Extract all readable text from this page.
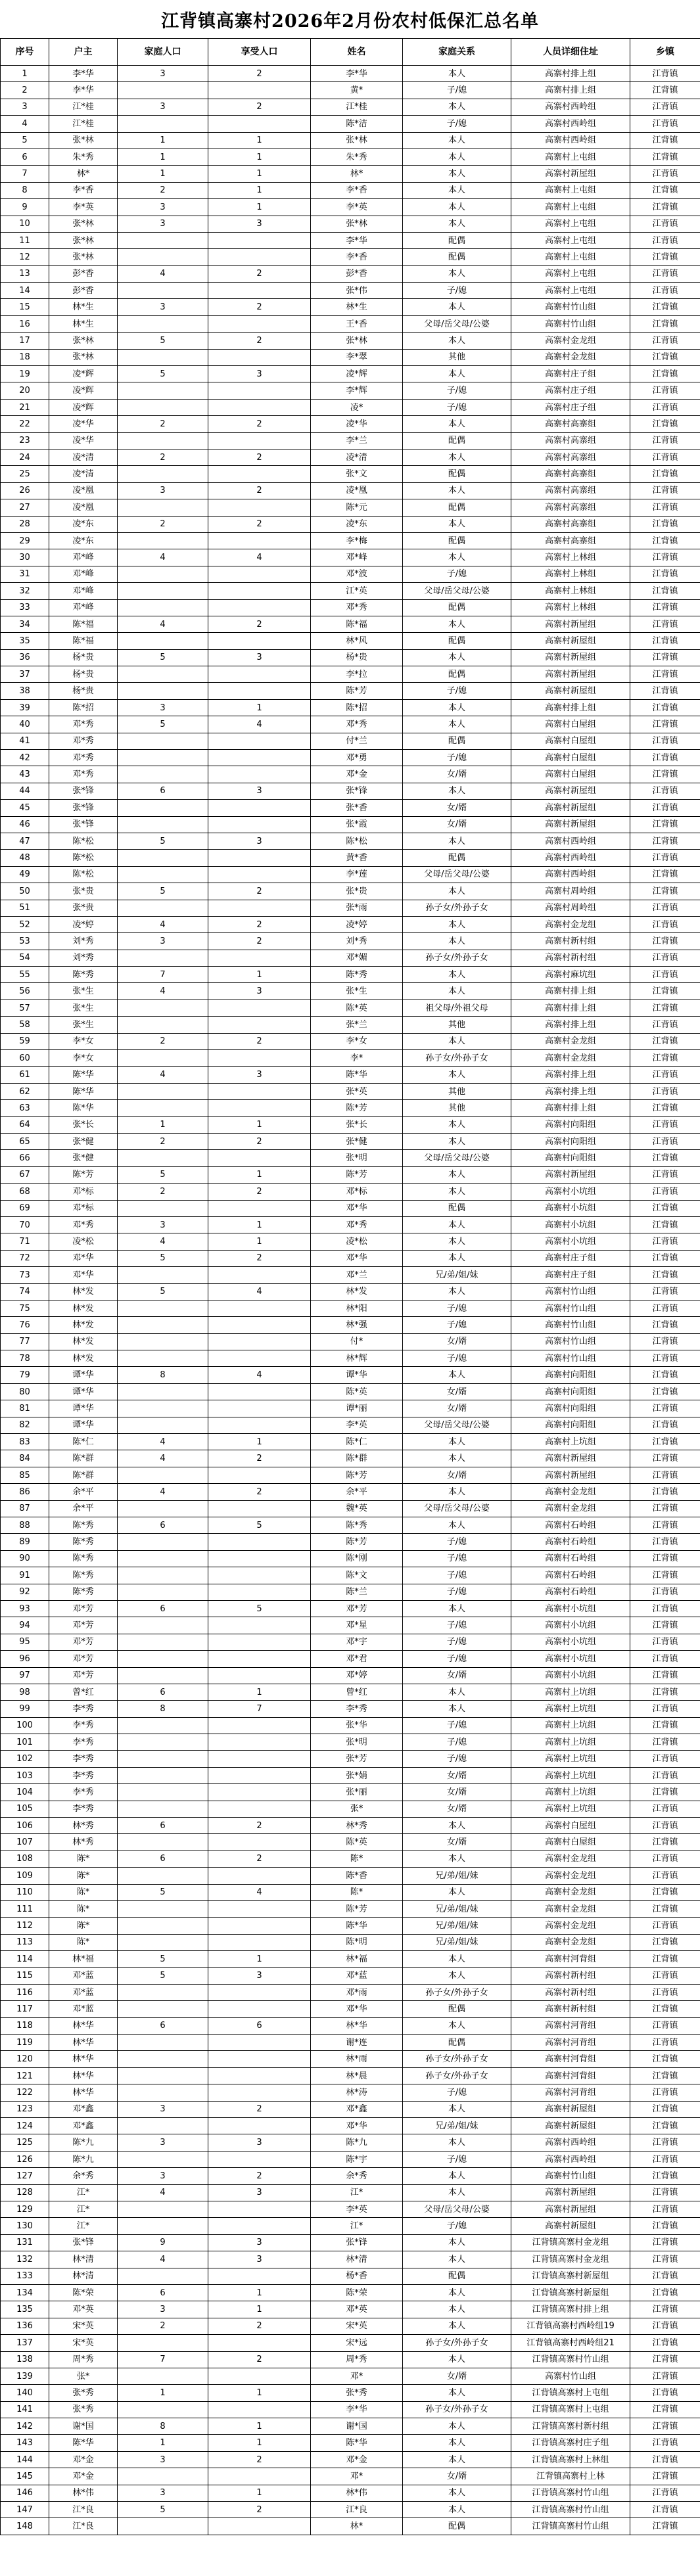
江背镇高寨村2026年2月份农村低保汇总名单
序号	户主	家庭人口	享受人口	姓名	家庭关系	人员详细住址	乡镇
1	李*华	3	2	李*华	本人	高寨村排上组	江背镇
2	李*华			黄*	子/媳	高寨村排上组	江背镇
3	江*桂	3	2	江*桂	本人	高寨村西岭组	江背镇
4	江*桂			陈*洁	子/媳	高寨村西岭组	江背镇
5	张*林	1	1	张*林	本人	高寨村西岭组	江背镇
6	朱*秀	1	1	朱*秀	本人	高寨村上屯组	江背镇
7	林*	1	1	林*	本人	高寨村新屋组	江背镇
8	李*香	2	1	李*香	本人	高寨村上屯组	江背镇
9	李*英	3	1	李*英	本人	高寨村上屯组	江背镇
10	张*林	3	3	张*林	本人	高寨村上屯组	江背镇
11	张*林			李*华	配偶	高寨村上屯组	江背镇
12	张*林			李*香	配偶	高寨村上屯组	江背镇
13	彭*香	4	2	彭*香	本人	高寨村上屯组	江背镇
14	彭*香			张*伟	子/媳	高寨村上屯组	江背镇
15	林*生	3	2	林*生	本人	高寨村竹山组	江背镇
16	林*生			王*香	父母/岳父母/公婆	高寨村竹山组	江背镇
17	张*林	5	2	张*林	本人	高寨村金龙组	江背镇
18	张*林			李*翠	其他	高寨村金龙组	江背镇
19	凌*辉	5	3	凌*辉	本人	高寨村庄子组	江背镇
20	凌*辉			李*辉	子/媳	高寨村庄子组	江背镇
21	凌*辉			凌*	子/媳	高寨村庄子组	江背镇
22	凌*华	2	2	凌*华	本人	高寨村高寨组	江背镇
23	凌*华			李*兰	配偶	高寨村高寨组	江背镇
24	凌*清	2	2	凌*清	本人	高寨村高寨组	江背镇
25	凌*清			张*文	配偶	高寨村高寨组	江背镇
26	凌*凰	3	2	凌*凰	本人	高寨村高寨组	江背镇
27	凌*凰			陈*元	配偶	高寨村高寨组	江背镇
28	凌*东	2	2	凌*东	本人	高寨村高寨组	江背镇
29	凌*东			李*梅	配偶	高寨村高寨组	江背镇
30	邓*峰	4	4	邓*峰	本人	高寨村上林组	江背镇
31	邓*峰			邓*波	子/媳	高寨村上林组	江背镇
32	邓*峰			江*英	父母/岳父母/公婆	高寨村上林组	江背镇
33	邓*峰			邓*秀	配偶	高寨村上林组	江背镇
34	陈*福	4	2	陈*福	本人	高寨村新屋组	江背镇
35	陈*福			林*风	配偶	高寨村新屋组	江背镇
36	杨*贵	5	3	杨*贵	本人	高寨村新屋组	江背镇
37	杨*贵			李*拉	配偶	高寨村新屋组	江背镇
38	杨*贵			陈*芳	子/媳	高寨村新屋组	江背镇
39	陈*招	3	1	陈*招	本人	高寨村排上组	江背镇
40	邓*秀	5	4	邓*秀	本人	高寨村白屋组	江背镇
41	邓*秀			付*兰	配偶	高寨村白屋组	江背镇
42	邓*秀			邓*勇	子/媳	高寨村白屋组	江背镇
43	邓*秀			邓*金	女/婿	高寨村白屋组	江背镇
44	张*锋	6	3	张*锋	本人	高寨村新屋组	江背镇
45	张*锋			张*香	女/婿	高寨村新屋组	江背镇
46	张*锋			张*霞	女/婿	高寨村新屋组	江背镇
47	陈*松	5	3	陈*松	本人	高寨村西岭组	江背镇
48	陈*松			黄*香	配偶	高寨村西岭组	江背镇
49	陈*松			李*莲	父母/岳父母/公婆	高寨村西岭组	江背镇
50	张*贵	5	2	张*贵	本人	高寨村周岭组	江背镇
51	张*贵			张*雨	孙子女/外孙子女	高寨村周岭组	江背镇
52	凌*婷	4	2	凌*婷	本人	高寨村金龙组	江背镇
53	刘*秀	3	2	刘*秀	本人	高寨村新村组	江背镇
54	刘*秀			邓*媚	孙子女/外孙子女	高寨村新村组	江背镇
55	陈*秀	7	1	陈*秀	本人	高寨村麻坑组	江背镇
56	张*生	4	3	张*生	本人	高寨村排上组	江背镇
57	张*生			陈*英	祖父母/外祖父母	高寨村排上组	江背镇
58	张*生			张*兰	其他	高寨村排上组	江背镇
59	李*女	2	2	李*女	本人	高寨村金龙组	江背镇
60	李*女			李*	孙子女/外孙子女	高寨村金龙组	江背镇
61	陈*华	4	3	陈*华	本人	高寨村排上组	江背镇
62	陈*华			张*英	其他	高寨村排上组	江背镇
63	陈*华			陈*芳	其他	高寨村排上组	江背镇
64	张*长	1	1	张*长	本人	高寨村向阳组	江背镇
65	张*健	2	2	张*健	本人	高寨村向阳组	江背镇
66	张*健			张*明	父母/岳父母/公婆	高寨村向阳组	江背镇
67	陈*芳	5	1	陈*芳	本人	高寨村新屋组	江背镇
68	邓*标	2	2	邓*标	本人	高寨村小坑组	江背镇
69	邓*标			邓*华	配偶	高寨村小坑组	江背镇
70	邓*秀	3	1	邓*秀	本人	高寨村小坑组	江背镇
71	凌*松	4	1	凌*松	本人	高寨村小坑组	江背镇
72	邓*华	5	2	邓*华	本人	高寨村庄子组	江背镇
73	邓*华			邓*兰	兄/弟/姐/妹	高寨村庄子组	江背镇
74	林*发	5	4	林*发	本人	高寨村竹山组	江背镇
75	林*发			林*阳	子/媳	高寨村竹山组	江背镇
76	林*发			林*强	子/媳	高寨村竹山组	江背镇
77	林*发			付*	女/婿	高寨村竹山组	江背镇
78	林*发			林*辉	子/媳	高寨村竹山组	江背镇
79	谭*华	8	4	谭*华	本人	高寨村向阳组	江背镇
80	谭*华			陈*英	女/婿	高寨村向阳组	江背镇
81	谭*华			谭*丽	女/婿	高寨村向阳组	江背镇
82	谭*华			李*英	父母/岳父母/公婆	高寨村向阳组	江背镇
83	陈*仁	4	1	陈*仁	本人	高寨村上坑组	江背镇
84	陈*群	4	2	陈*群	本人	高寨村新屋组	江背镇
85	陈*群			陈*芳	女/婿	高寨村新屋组	江背镇
86	余*平	4	2	余*平	本人	高寨村金龙组	江背镇
87	余*平			魏*英	父母/岳父母/公婆	高寨村金龙组	江背镇
88	陈*秀	6	5	陈*秀	本人	高寨村石岭组	江背镇
89	陈*秀			陈*芳	子/媳	高寨村石岭组	江背镇
90	陈*秀			陈*刚	子/媳	高寨村石岭组	江背镇
91	陈*秀			陈*文	子/媳	高寨村石岭组	江背镇
92	陈*秀			陈*兰	子/媳	高寨村石岭组	江背镇
93	邓*芳	6	5	邓*芳	本人	高寨村小坑组	江背镇
94	邓*芳			邓*星	子/媳	高寨村小坑组	江背镇
95	邓*芳			邓*宇	子/媳	高寨村小坑组	江背镇
96	邓*芳			邓*君	子/媳	高寨村小坑组	江背镇
97	邓*芳			邓*婷	女/婿	高寨村小坑组	江背镇
98	曾*红	6	1	曾*红	本人	高寨村上坑组	江背镇
99	李*秀	8	7	李*秀	本人	高寨村上坑组	江背镇
100	李*秀			张*华	子/媳	高寨村上坑组	江背镇
101	李*秀			张*明	子/媳	高寨村上坑组	江背镇
102	李*秀			张*芳	子/媳	高寨村上坑组	江背镇
103	李*秀			张*娟	女/婿	高寨村上坑组	江背镇
104	李*秀			张*丽	女/婿	高寨村上坑组	江背镇
105	李*秀			张*	女/婿	高寨村上坑组	江背镇
106	林*秀	6	2	林*秀	本人	高寨村白屋组	江背镇
107	林*秀			陈*英	女/婿	高寨村白屋组	江背镇
108	陈*	6	2	陈*	本人	高寨村金龙组	江背镇
109	陈*			陈*香	兄/弟/姐/妹	高寨村金龙组	江背镇
110	陈*	5	4	陈*	本人	高寨村金龙组	江背镇
111	陈*			陈*芳	兄/弟/姐/妹	高寨村金龙组	江背镇
112	陈*			陈*华	兄/弟/姐/妹	高寨村金龙组	江背镇
113	陈*			陈*明	兄/弟/姐/妹	高寨村金龙组	江背镇
114	林*福	5	1	林*福	本人	高寨村河背组	江背镇
115	邓*蓝	5	3	邓*蓝	本人	高寨村新村组	江背镇
116	邓*蓝			邓*雨	孙子女/外孙子女	高寨村新村组	江背镇
117	邓*蓝			邓*华	配偶	高寨村新村组	江背镇
118	林*华	6	6	林*华	本人	高寨村河背组	江背镇
119	林*华			谢*连	配偶	高寨村河背组	江背镇
120	林*华			林*雨	孙子女/外孙子女	高寨村河背组	江背镇
121	林*华			林*晨	孙子女/外孙子女	高寨村河背组	江背镇
122	林*华			林*涛	子/媳	高寨村河背组	江背镇
123	邓*鑫	3	2	邓*鑫	本人	高寨村新屋组	江背镇
124	邓*鑫			邓*华	兄/弟/姐/妹	高寨村新屋组	江背镇
125	陈*九	3	3	陈*九	本人	高寨村西岭组	江背镇
126	陈*九			陈*宇	子/媳	高寨村西岭组	江背镇
127	余*秀	3	2	余*秀	本人	高寨村竹山组	江背镇
128	江*	4	3	江*	本人	高寨村新屋组	江背镇
129	江*			李*英	父母/岳父母/公婆	高寨村新屋组	江背镇
130	江*			江*	子/媳	高寨村新屋组	江背镇
131	张*锋	9	3	张*锋	本人	江背镇高寨村金龙组	江背镇
132	林*清	4	3	林*清	本人	江背镇高寨村金龙组	江背镇
133	林*清			杨*香	配偶	江背镇高寨村新屋组	江背镇
134	陈*荣	6	1	陈*荣	本人	江背镇高寨村新屋组	江背镇
135	邓*英	3	1	邓*英	本人	江背镇高寨村排上组	江背镇
136	宋*英	2	2	宋*英	本人	江背镇高寨村西岭组19	江背镇
137	宋*英			宋*远	孙子女/外孙子女	江背镇高寨村西岭组21	江背镇
138	周*秀	7	2	周*秀	本人	江背镇高寨村竹山组	江背镇
139	张*			邓*	女/婿	高寨村竹山组	江背镇
140	张*秀	1	1	张*秀	本人	江背镇高寨村上屯组	江背镇
141	张*秀			李*华	孙子女/外孙子女	江背镇高寨村上屯组	江背镇
142	谢*国	8	1	谢*国	本人	江背镇高寨村新村组	江背镇
143	陈*华	1	1	陈*华	本人	江背镇高寨村庄子组	江背镇
144	邓*金	3	2	邓*金	本人	江背镇高寨村上林组	江背镇
145	邓*金			邓*	女/婿	江背镇高寨村上林	江背镇
146	林*伟	3	1	林*伟	本人	江背镇高寨村竹山组	江背镇
147	江*良	5	2	江*良	本人	江背镇高寨村竹山组	江背镇
148	江*良			林*	配偶	江背镇高寨村竹山组	江背镇
